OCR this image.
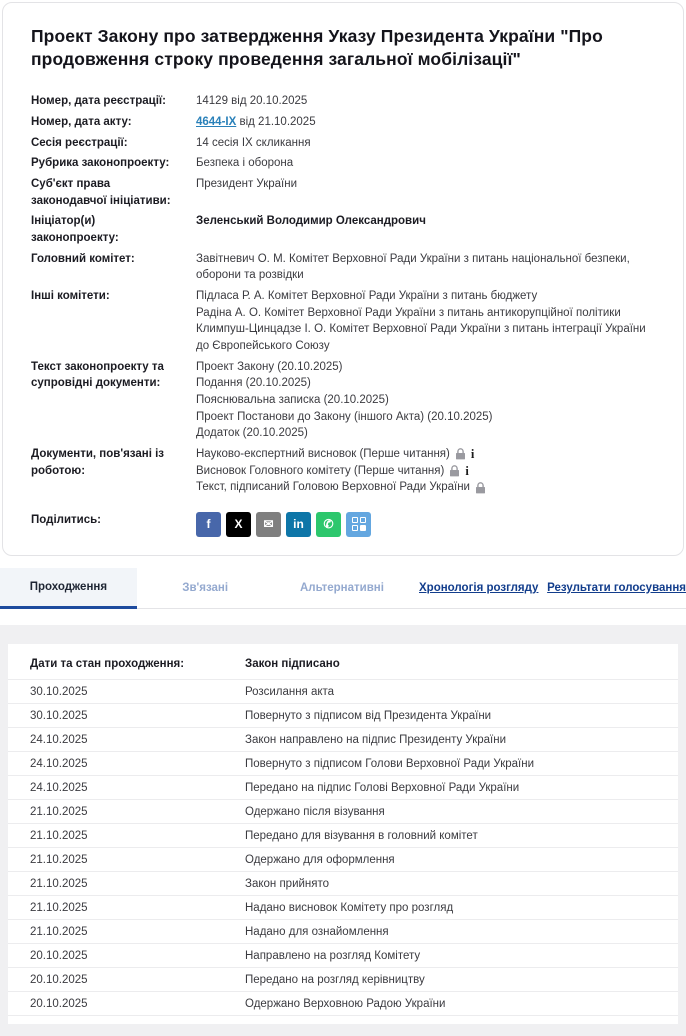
Проект Закону про затвердження Указу Президента України "Про продовження строку проведення загальної мобілізації"
Номер, дата реєстрації:	14129 від 20.10.2025
Номер, дата акту:	4644-IX від 21.10.2025
Сесія реєстрації:	14 сесія IX скликання
Рубрика законопроекту:	Безпека і оборона
Суб'єкт права законодавчої ініціативи:
Президент України
Ініціатор(и) законопроекту:
Зеленський Володимир Олександрович
Головний комітет:	Завітневич О. М. Комітет Верховної Ради України з питань національної безпеки, оборони та розвідки
Інші комітети:	Підласа Р. А. Комітет Верховної Ради України з питань бюджету
Радіна А. О. Комітет Верховної Ради України з питань антикорупційної політики
Климпуш-Цинцадзе І. О. Комітет Верховної Ради України з питань інтеграції України до Європейського Союзу
Текст законопроекту та супровідні документи:
Проект Закону (20.10.2025)
Подання (20.10.2025)
Пояснювальна записка (20.10.2025)
Проект Постанови до Закону (іншого Акта) (20.10.2025)
Додаток (20.10.2025)
Документи, пов'язані із роботою:
Науково-експертний висновок (Перше читання) i
Висновок Головного комітету (Перше читання) i
Текст, підписаний Головою Верховної Ради України
Поділитись:	f X ✉ in ✆
Проходження	Зв'язані	Альтернативні	Хронологія розгляду Результати голосування
Дати та стан проходження:	Закон підписано
30.10.2025	Розсилання акта
30.10.2025	Повернуто з підписом від Президента України
24.10.2025	Закон направлено на підпис Президенту України
24.10.2025	Повернуто з підписом Голови Верховної Ради України
24.10.2025	Передано на підпис Голові Верховної Ради України
21.10.2025	Одержано після візування
21.10.2025	Передано для візування в головний комітет
21.10.2025	Одержано для оформлення
21.10.2025	Закон прийнято
21.10.2025	Надано висновок Комітету про розгляд
21.10.2025	Надано для ознайомлення
20.10.2025	Направлено на розгляд Комітету
20.10.2025	Передано на розгляд керівництву
20.10.2025	Одержано Верховною Радою України
